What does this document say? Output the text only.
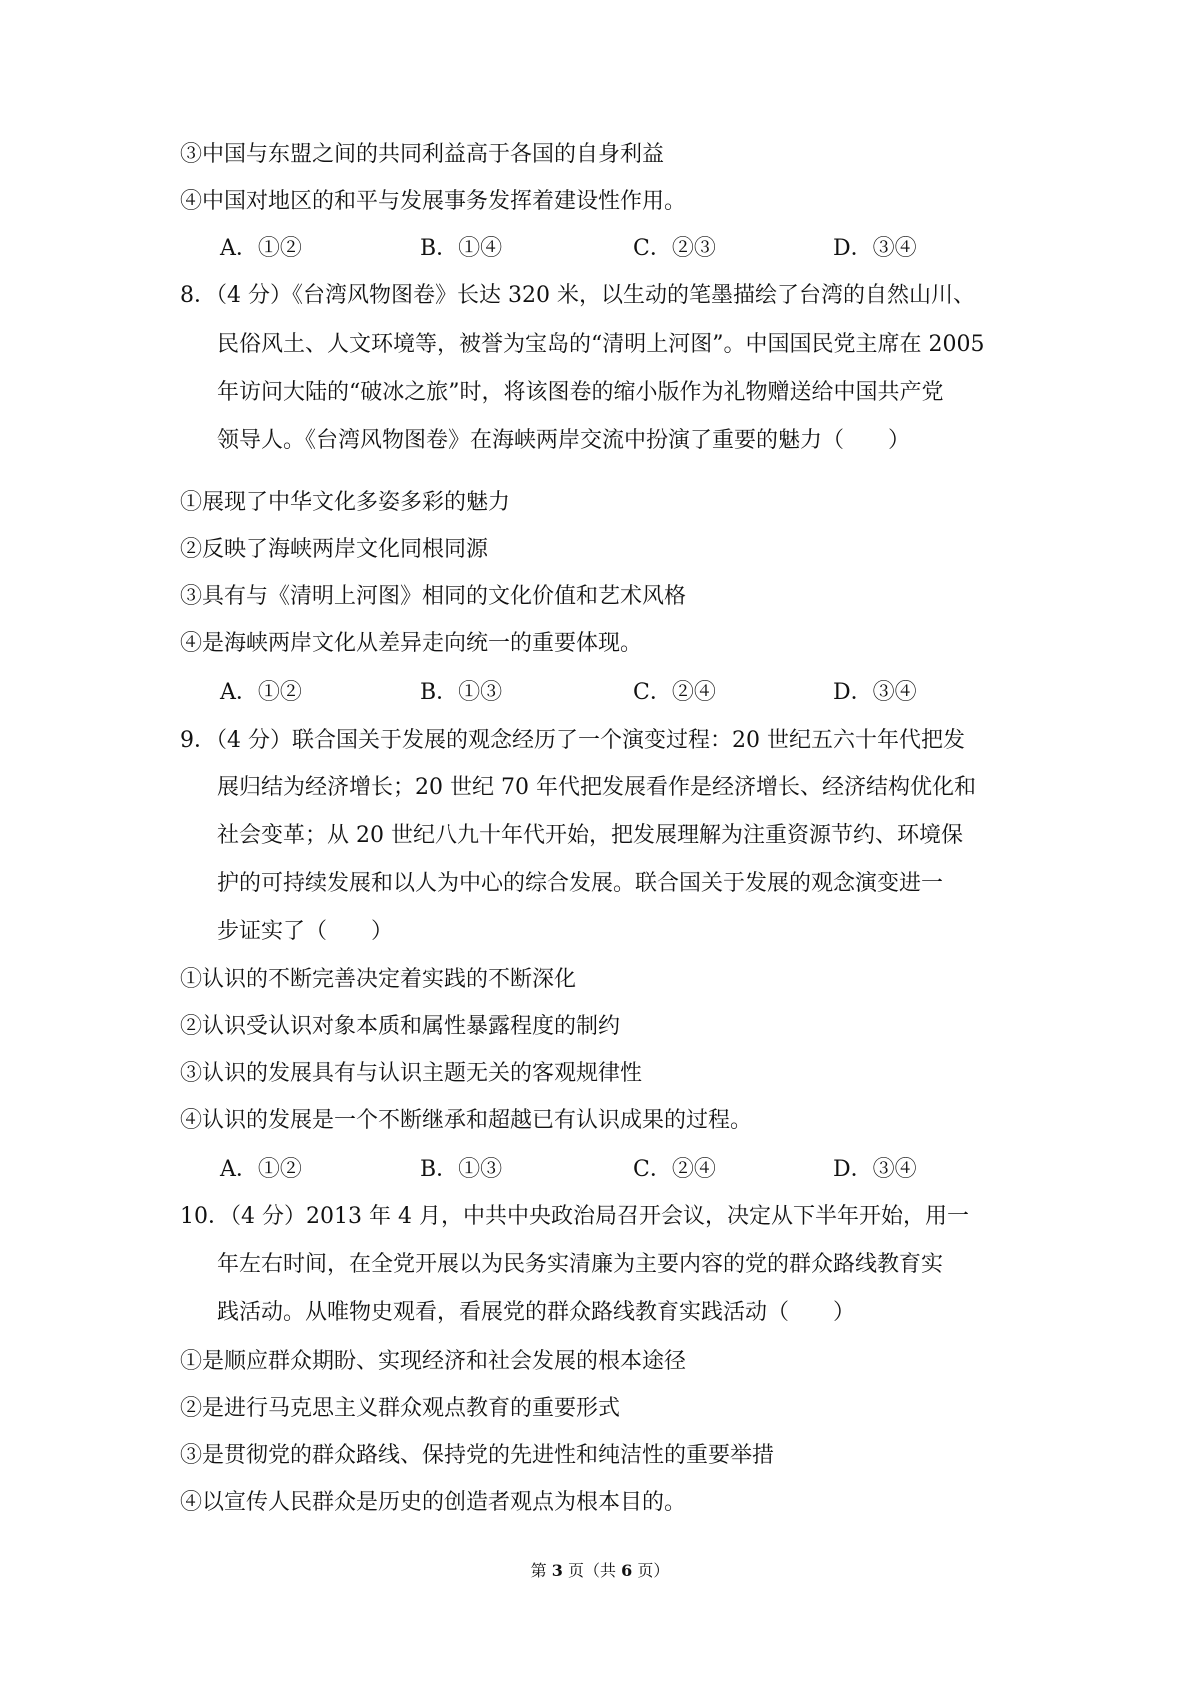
③中国与东盟之间的共同利益高于各国的自身利益
④中国对地区的和平与发展事务发挥着建设性作用。
A．①②	B．①④	C．②③	D．③④
8．（4 分）《台湾风物图卷》长达 320 米，以生动的笔墨描绘了台湾的自然山川、
民俗风土、人文环境等，被誉为宝岛的“清明上河图”。中国国民党主席在 2005
年访问大陆的“破冰之旅”时，将该图卷的缩小版作为礼物赠送给中国共产党
领导人。《台湾风物图卷》在海峡两岸交流中扮演了重要的魅力（　　）
①展现了中华文化多姿多彩的魅力
②反映了海峡两岸文化同根同源
③具有与《清明上河图》相同的文化价值和艺术风格
④是海峡两岸文化从差异走向统一的重要体现。
A．①②	B．①③	C．②④	D．③④
9．（4 分）联合国关于发展的观念经历了一个演变过程：20 世纪五六十年代把发
展归结为经济增长；20 世纪 70 年代把发展看作是经济增长、经济结构优化和
社会变革；从 20 世纪八九十年代开始，把发展理解为注重资源节约、环境保
护的可持续发展和以人为中心的综合发展。联合国关于发展的观念演变进一
步证实了（　　）
①认识的不断完善决定着实践的不断深化
②认识受认识对象本质和属性暴露程度的制约
③认识的发展具有与认识主题无关的客观规律性
④认识的发展是一个不断继承和超越已有认识成果的过程。
A．①②	B．①③	C．②④	D．③④
10．（4 分）2013 年 4 月，中共中央政治局召开会议，决定从下半年开始，用一
年左右时间，在全党开展以为民务实清廉为主要内容的党的群众路线教育实
践活动。从唯物史观看，看展党的群众路线教育实践活动（　　）
①是顺应群众期盼、实现经济和社会发展的根本途径
②是进行马克思主义群众观点教育的重要形式
③是贯彻党的群众路线、保持党的先进性和纯洁性的重要举措
④以宣传人民群众是历史的创造者观点为根本目的。
第 3 页（共 6 页）
